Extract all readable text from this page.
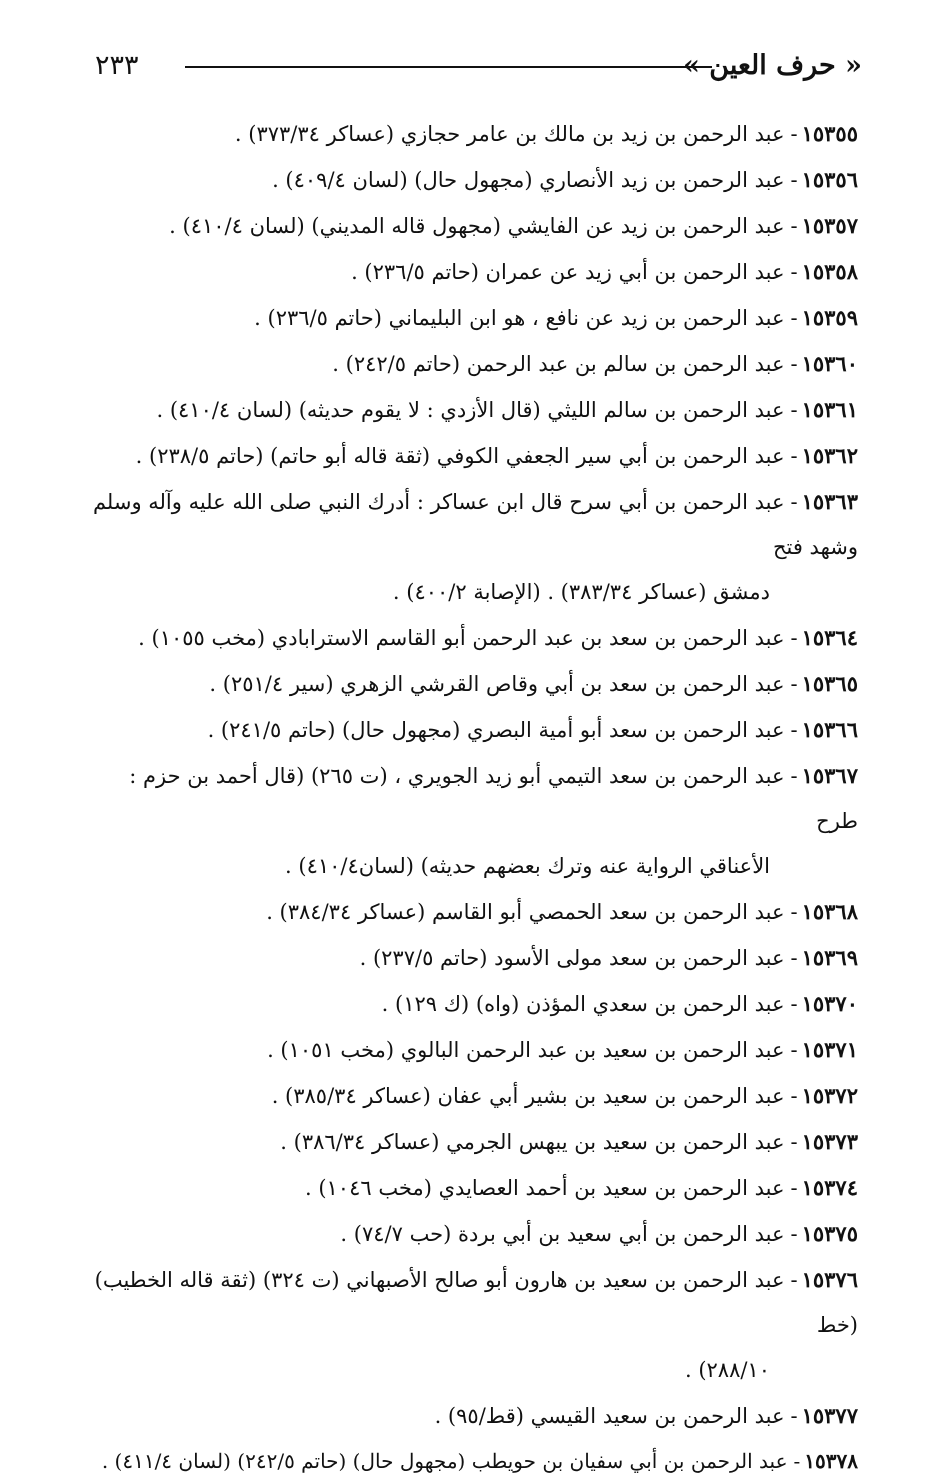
« حرف العين »
٢٣٣
١٥٣٥٥-عبد الرحمن بن زيد بن مالك بن عامر حجازي (عساكر ٣٧٣/٣٤) .
١٥٣٥٦-عبد الرحمن بن زيد الأنصاري (مجهول حال) (لسان ٤٠٩/٤) .
١٥٣٥٧-عبد الرحمن بن زيد عن الفايشي (مجهول قاله المديني) (لسان ٤١٠/٤) .
١٥٣٥٨-عبد الرحمن بن أبي زيد عن عمران (حاتم ٢٣٦/٥) .
١٥٣٥٩-عبد الرحمن بن زيد عن نافع ، هو ابن البليماني (حاتم ٢٣٦/٥) .
١٥٣٦٠-عبد الرحمن بن سالم بن عبد الرحمن (حاتم ٢٤٢/٥) .
١٥٣٦١-عبد الرحمن بن سالم الليثي (قال الأزدي : لا يقوم حديثه) (لسان ٤١٠/٤) .
١٥٣٦٢-عبد الرحمن بن أبي سير الجعفي الكوفي (ثقة قاله أبو حاتم) (حاتم ٢٣٨/٥) .
١٥٣٦٣-عبد الرحمن بن أبي سرح قال ابن عساكر : أدرك النبي صلى الله عليه وآله وسلم وشهد فتح
دمشق (عساكر ٣٨٣/٣٤) . (الإصابة ٤٠٠/٢) .
١٥٣٦٤-عبد الرحمن بن سعد بن عبد الرحمن أبو القاسم الاسترابادي (مخب ١٠٥٥) .
١٥٣٦٥-عبد الرحمن بن سعد بن أبي وقاص القرشي الزهري (سير ٢٥١/٤) .
١٥٣٦٦-عبد الرحمن بن سعد أبو أمية البصري (مجهول حال) (حاتم ٢٤١/٥) .
١٥٣٦٧-عبد الرحمن بن سعد التيمي أبو زيد الجويري ، (ت ٢٦٥) (قال أحمد بن حزم : طرح
الأعناقي الرواية عنه وترك بعضهم حديثه) (لسان٤١٠/٤) .
١٥٣٦٨-عبد الرحمن بن سعد الحمصي أبو القاسم (عساكر ٣٨٤/٣٤) .
١٥٣٦٩-عبد الرحمن بن سعد مولى الأسود (حاتم ٢٣٧/٥) .
١٥٣٧٠-عبد الرحمن بن سعدي المؤذن (واه) (ك ١٢٩) .
١٥٣٧١-عبد الرحمن بن سعيد بن عبد الرحمن البالوي (مخب ١٠٥١) .
١٥٣٧٢-عبد الرحمن بن سعيد بن بشير أبي عفان (عساكر ٣٨٥/٣٤) .
١٥٣٧٣-عبد الرحمن بن سعيد بن يبهس الجرمي (عساكر ٣٨٦/٣٤) .
١٥٣٧٤-عبد الرحمن بن سعيد بن أحمد العصايدي (مخب ١٠٤٦) .
١٥٣٧٥-عبد الرحمن بن أبي سعيد بن أبي بردة (حب ٧٤/٧) .
١٥٣٧٦-عبد الرحمن بن سعيد بن هارون أبو صالح الأصبهاني (ت ٣٢٤) (ثقة قاله الخطيب) (خط
٢٨٨/١٠) .
١٥٣٧٧-عبد الرحمن بن سعيد القيسي (قط/٩٥) .
١٥٣٧٨-عبد الرحمن بن أبي سفيان بن حويطب (مجهول حال) (حاتم ٢٤٢/٥) (لسان ٤١١/٤) .
